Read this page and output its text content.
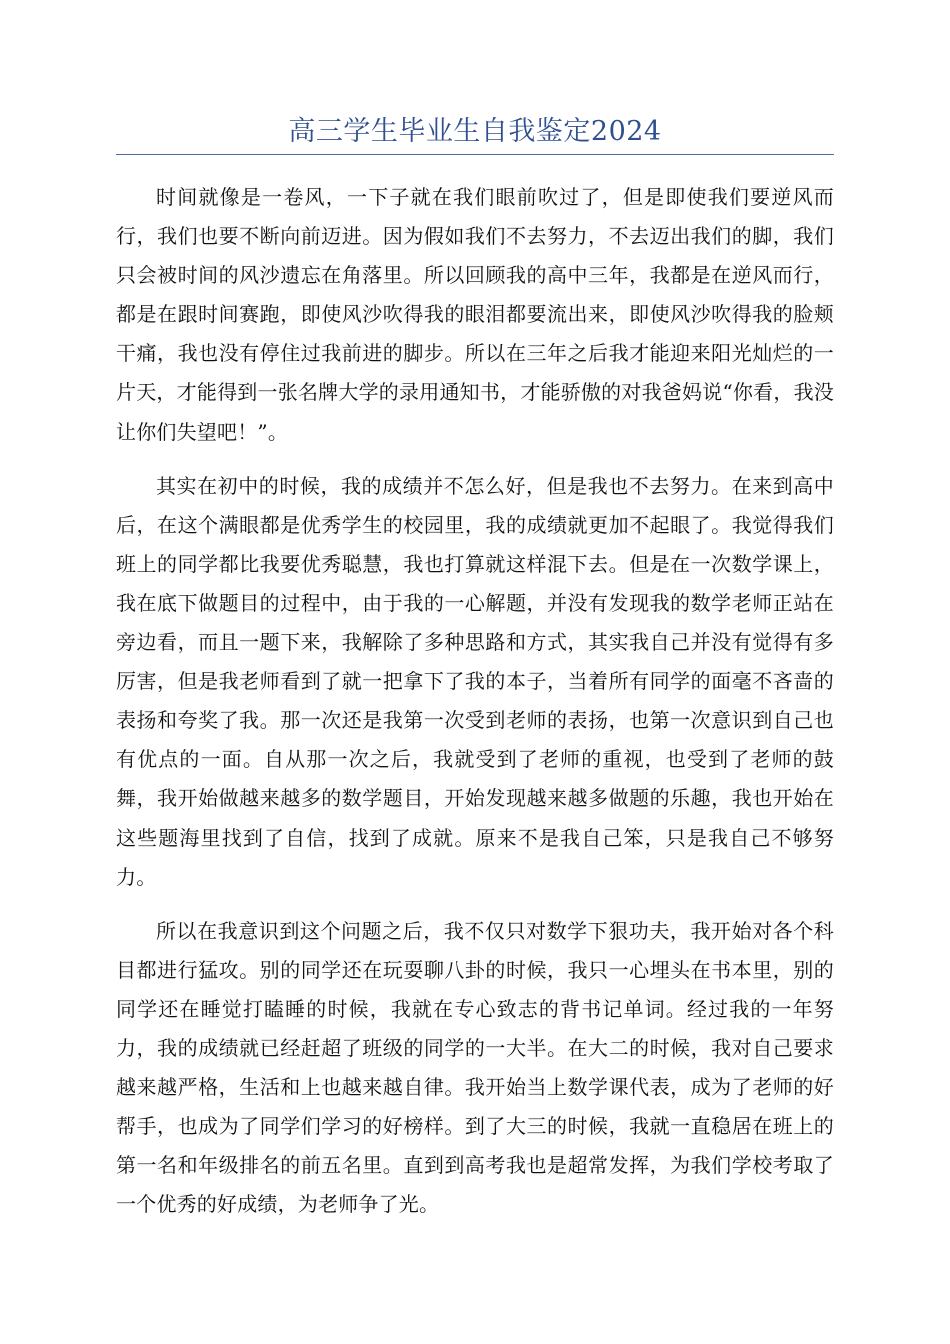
高三学生毕业生自我鉴定2024

时间就像是一卷风，一下子就在我们眼前吹过了，但是即使我们要逆风而行，我们也要不断向前迈进。因为假如我们不去努力，不去迈出我们的脚，我们只会被时间的风沙遗忘在角落里。所以回顾我的高中三年，我都是在逆风而行，都是在跟时间赛跑，即使风沙吹得我的眼泪都要流出来，即使风沙吹得我的脸颊干痛，我也没有停住过我前进的脚步。所以在三年之后我才能迎来阳光灿烂的一片天，才能得到一张名牌大学的录用通知书，才能骄傲的对我爸妈说“你看，我没让你们失望吧！”。

其实在初中的时候，我的成绩并不怎么好，但是我也不去努力。在来到高中后，在这个满眼都是优秀学生的校园里，我的成绩就更加不起眼了。我觉得我们班上的同学都比我要优秀聪慧，我也打算就这样混下去。但是在一次数学课上，我在底下做题目的过程中，由于我的一心解题，并没有发现我的数学老师正站在旁边看，而且一题下来，我解除了多种思路和方式，其实我自己并没有觉得有多厉害，但是我老师看到了就一把拿下了我的本子，当着所有同学的面毫不吝啬的表扬和夸奖了我。那一次还是我第一次受到老师的表扬，也第一次意识到自己也有优点的一面。自从那一次之后，我就受到了老师的重视，也受到了老师的鼓舞，我开始做越来越多的数学题目，开始发现越来越多做题的乐趣，我也开始在这些题海里找到了自信，找到了成就。原来不是我自己笨，只是我自己不够努力。

所以在我意识到这个问题之后，我不仅只对数学下狠功夫，我开始对各个科目都进行猛攻。别的同学还在玩耍聊八卦的时候，我只一心埋头在书本里，别的同学还在睡觉打瞌睡的时候，我就在专心致志的背书记单词。经过我的一年努力，我的成绩就已经赶超了班级的同学的一大半。在大二的时候，我对自己要求越来越严格，生活和上也越来越自律。我开始当上数学课代表，成为了老师的好帮手，也成为了同学们学习的好榜样。到了大三的时候，我就一直稳居在班上的第一名和年级排名的前五名里。直到到高考我也是超常发挥，为我们学校考取了一个优秀的好成绩，为老师争了光。
